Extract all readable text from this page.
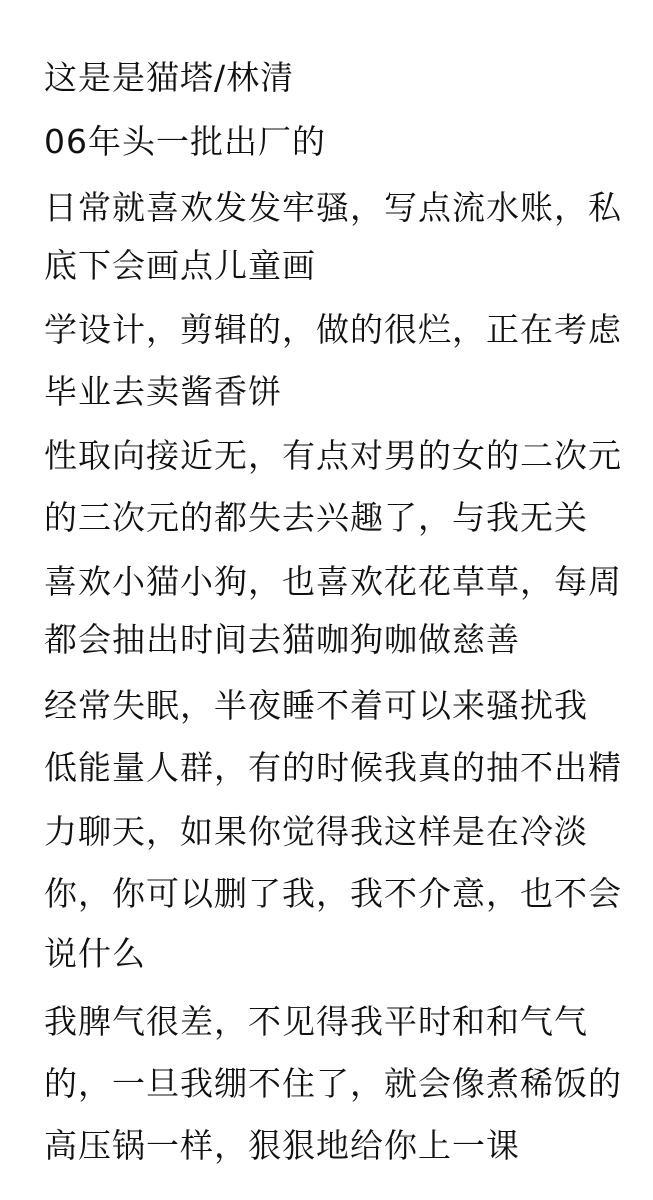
这是是猫塔/林清

06年头一批出厂的

日常就喜欢发发牢骚，写点流水账，私

底下会画点儿童画

学设计，剪辑的，做的很烂，正在考虑

毕业去卖酱香饼

性取向接近无，有点对男的女的二次元

的三次元的都失去兴趣了，与我无关

喜欢小猫小狗，也喜欢花花草草，每周

都会抽出时间去猫咖狗咖做慈善

经常失眠，半夜睡不着可以来骚扰我

低能量人群，有的时候我真的抽不出精

力聊天，如果你觉得我这样是在冷淡

你，你可以删了我，我不介意，也不会

说什么

我脾气很差，不见得我平时和和气气

的，一旦我绷不住了，就会像煮稀饭的

高压锅一样，狠狠地给你上一课
